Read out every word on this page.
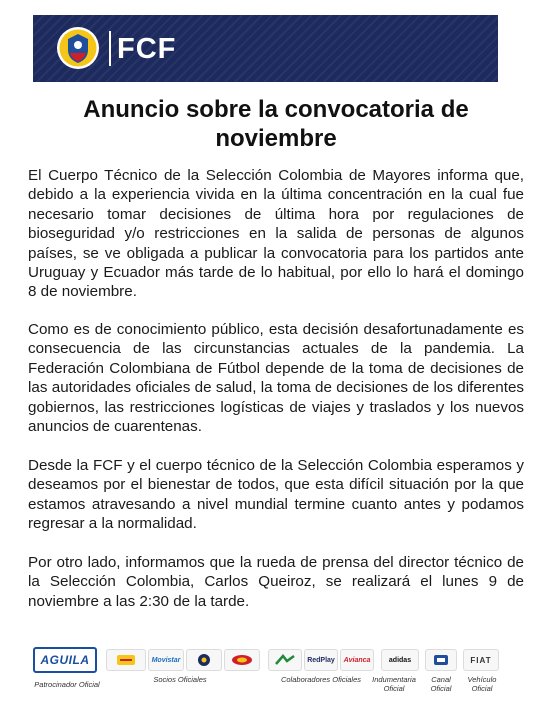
FCF
Anuncio sobre la convocatoria de noviembre

El Cuerpo Técnico de la Selección Colombia de Mayores informa que, debido a la experiencia vivida en la última concentración en la cual fue necesario tomar decisiones de última hora por regulaciones de bioseguridad y/o restricciones en la salida de personas de algunos países, se ve obligada a publicar la convocatoria para los partidos ante Uruguay y Ecuador más tarde de lo habitual, por ello lo hará el domingo 8 de noviembre.

Como es de conocimiento público, esta decisión desafortunadamente es consecuencia de las circunstancias actuales de la pandemia. La Federación Colombiana de Fútbol depende de la toma de decisiones de las autoridades oficiales de salud, la toma de decisiones de los diferentes gobiernos, las restricciones logísticas de viajes y traslados y los nuevos anuncios de cuarentenas.

Desde la FCF y el cuerpo técnico de la Selección Colombia esperamos y deseamos por el bienestar de todos, que esta difícil situación por la que estamos atravesando a nivel mundial termine cuanto antes y podamos regresar a la normalidad.

Por otro lado, informamos que la rueda de prensa del director técnico de la Selección Colombia, Carlos Queiroz, se realizará el lunes 9 de noviembre a las 2:30 de la tarde.

AGUILA	Movistar	RedPlay	Avianca	adidas	FIAT
Patrocinador Oficial
Socios Oficiales	Colaboradores Oficiales	Indumentaria Oficial
Canal Oficial
Vehículo Oficial
